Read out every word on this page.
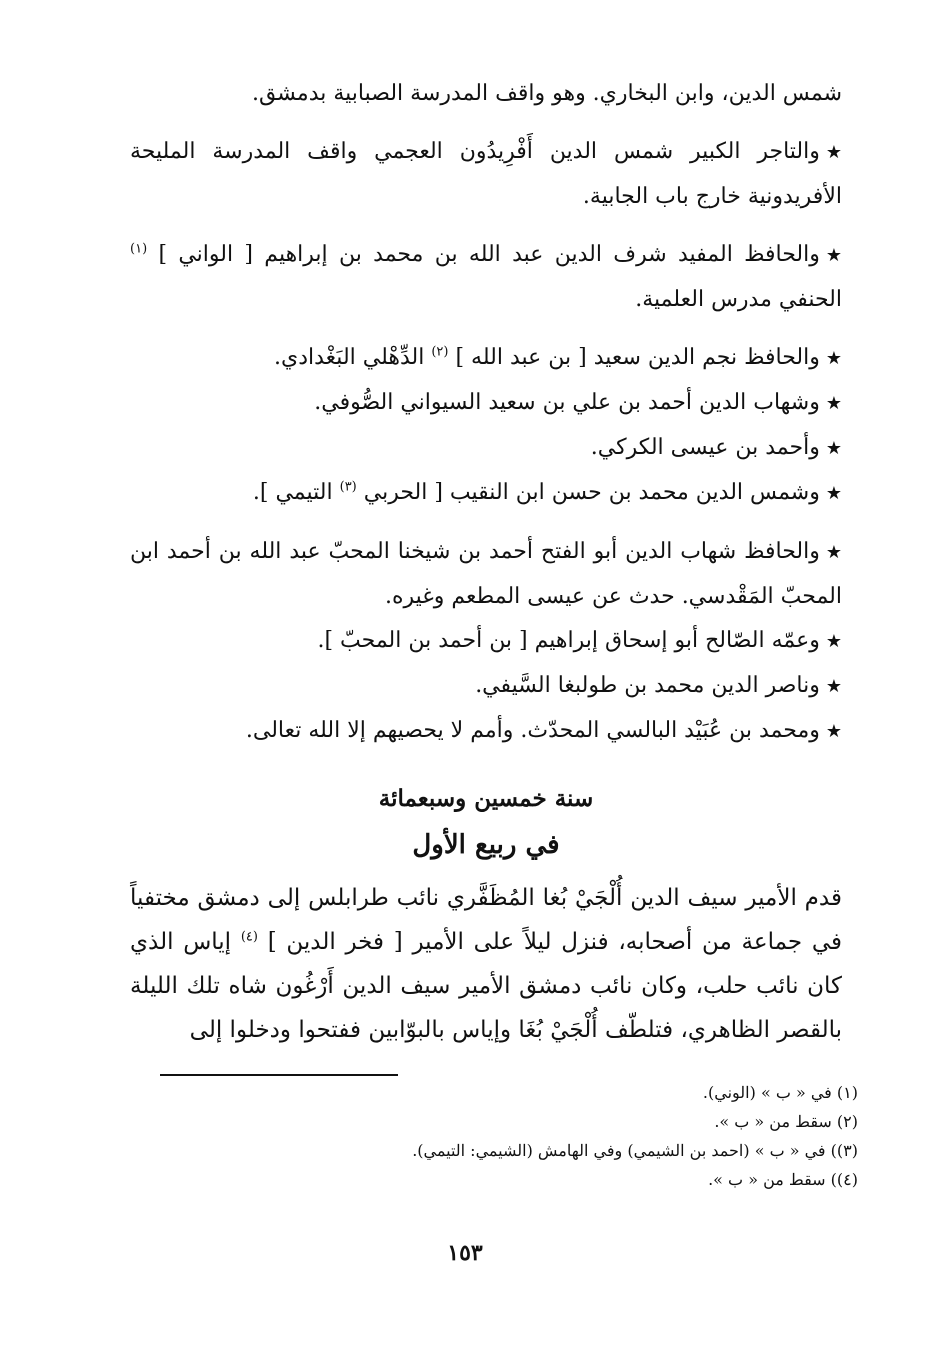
شمس الدين، وابن البخاري. وهو واقف المدرسة الصبابية بدمشق.

★والتاجر الكبير شمس الدين أَفْرِيدُون العجمي واقف المدرسة المليحة الأفريدونية خارج باب الجابية.

★والحافظ المفيد شرف الدين عبد الله بن محمد بن إبراهيم [ الواني ] $^{(١)}$ الحنفي مدرس العلمية.

★والحافظ نجم الدين سعيد [ بن عبد الله ] $^{(٢)}$ الدِّهْلي البَغْدادي.

★وشهاب الدين أحمد بن علي بن سعيد السيواني الصُّوفي.

★وأحمد بن عيسى الكركي.

★وشمس الدين محمد بن حسن ابن النقيب [ الحربي $^{(٣)}$ التيمي ].

★والحافظ شهاب الدين أبو الفتح أحمد بن شيخنا المحبّ عبد الله بن أحمد ابن المحبّ المَقْدسي. حدث عن عيسى المطعم وغيره.

★وعمّه الصّالح أبو إسحاق إبراهيم [ بن أحمد بن المحبّ ].

★وناصر الدين محمد بن طولبغا السَّيفي.

★ومحمد بن عُبَيْد البالسي المحدّث. وأمم لا يحصيهم إلا الله تعالى.

سنة خمسين وسبعمائة

في ربيع الأول

قدم الأمير سيف الدين أُلْجَيْ بُغا المُظَفَّري نائب طرابلس إلى دمشق مختفياً في جماعة من أصحابه، فنزل ليلاً على الأمير [ فخر الدين ] $^{(٤)}$ إياس الذي كان نائب حلب، وكان نائب دمشق الأمير سيف الدين أَرْغُون شاه تلك الليلة بالقصر الظاهري، فتلطّف أُلْجَيْ بُغَا وإياس بالبوّابين ففتحوا ودخلوا إلى

(١) في « ب » (الوني).
(٢) سقط من « ب ».
(٣)) في « ب » (احمد بن الشيمي) وفي الهامش (الشيمي: التيمي).
(٤)) سقط من « ب ».
١٥٣
